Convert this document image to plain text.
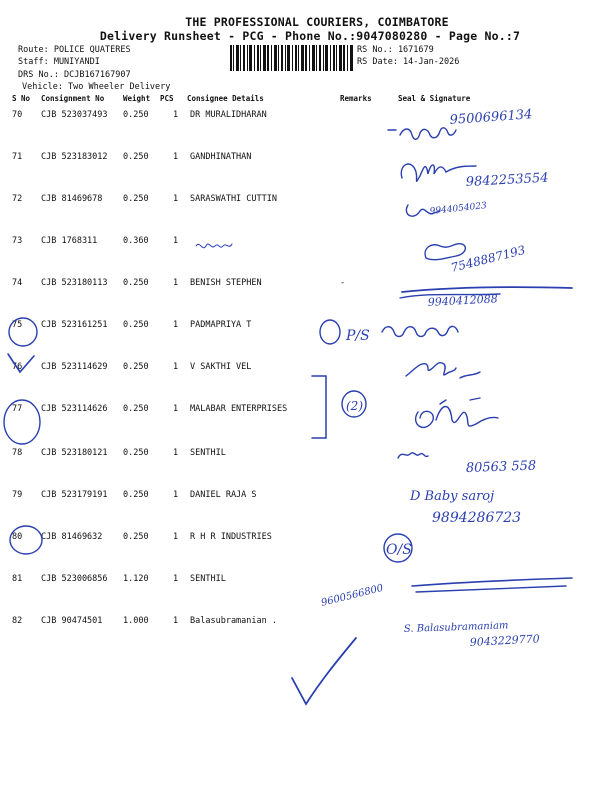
THE PROFESSIONAL COURIERS, COIMBATORE
Delivery Runsheet - PCG - Phone No.:9047080280 - Page No.:7
Route: POLICE QUATERES
Staff: MUNIYANDI
DRS No.: DCJB167167907
Vehicle: Two Wheeler Delivery
RS No.: 1671679
RS Date: 14-Jan-2026
S No Consignment No	Weight PCS Consignee Details	Remarks	Seal & Signature
70 CJB 523037493 0.250	1 DR MURALIDHARAN
71 CJB 523183012 0.250	1 GANDHINATHAN
72 CJB 81469678 0.250	1 SARASWATHI CUTTIN
73 CJB 1768311	0.360	1
74 CJB 523180113 0.250	1 BENISH STEPHEN	-
75 CJB 523161251 0.250	1 PADMAPRIYA T
76 CJB 523114629 0.250	1 V SAKTHI VEL
77 CJB 523114626 0.250	1 MALABAR ENTERPRISES
78 CJB 523180121 0.250	1 SENTHIL
79 CJB 523179191 0.250	1 DANIEL RAJA S
80 CJB 81469632 0.250	1 R H R INDUSTRIES
81 CJB 523006856 1.120	1 SENTHIL
82 CJB 90474501 1.000	1 Balasubramanian .
9500696134
9842253554
9944054023
7548887193
9940412088
P/S
(2)
80563 558
D Baby saroj
9894286723
O/S
9600566800
S. Balasubramaniam
9043229770
